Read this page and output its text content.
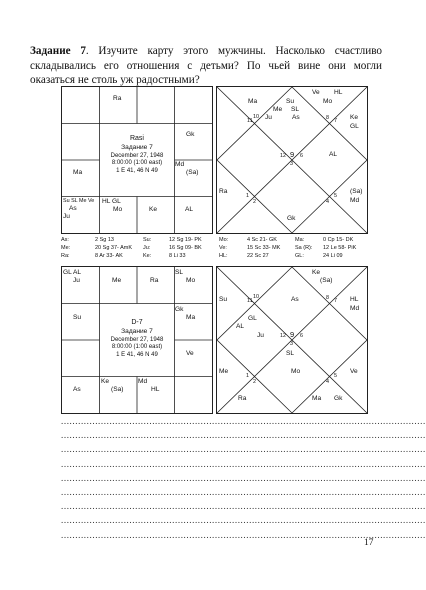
Задание 7. Изучите карту этого мужчины. Насколько счастливо складывались его отношения с детьми? По чьей вине они могли оказаться не столь уж радостными?
Ra
Gk
Md
(Sa)
Ma
AL
Ke
HL GL
Mo
Su SL Me Ve
As
Ju
Rasi
Задание 7
December 27, 1948
8:00:00 (1:00 east)
1 E 41, 46 N 49
Ve HL
Ma	Su	Mo
Me SL
Ju	As	Ke
GL
AL
Ra	(Sa)
Md
Gk
11
10
12 9
3
6
8 7
1
2	4
5
As:	2 Sg 13	Su:	12 Sg 19- PK	Mo:	4 Sc 21- GK	Ma:	0 Cp 15- DK
Me:	20 Sg 37- AmK Ju:	16 Sg 09- BK	Ve:	15 Sc 33- MK	Sa (R): 12 Le 58- PiK
Ra:	8 Ar 33- AK	Ke:	8 Li 33	HL:	22 Sc 27	GL:	24 Li 09
GL AL
Ju	Me	Ra
SL
Mo
Gk
Ma
Ve
Su
HL
Md
Ke
(Sa)
As
D-7
Задание 7
December 27, 1948
8:00:00 (1:00 east)
1 E 41, 46 N 49
Ke
(Sa)
Su	As	HL
Md
GL
AL
Ju
SL
Me	Mo	Ve
Ra	Ma Gk
11
10
12 9
3
6
8 7
1
2	4
5
................................................................................................................................
................................................................................................................................
................................................................................................................................
................................................................................................................................
................................................................................................................................
................................................................................................................................
................................................................................................................................
................................................................................................................................
................................................................................................................................
17
